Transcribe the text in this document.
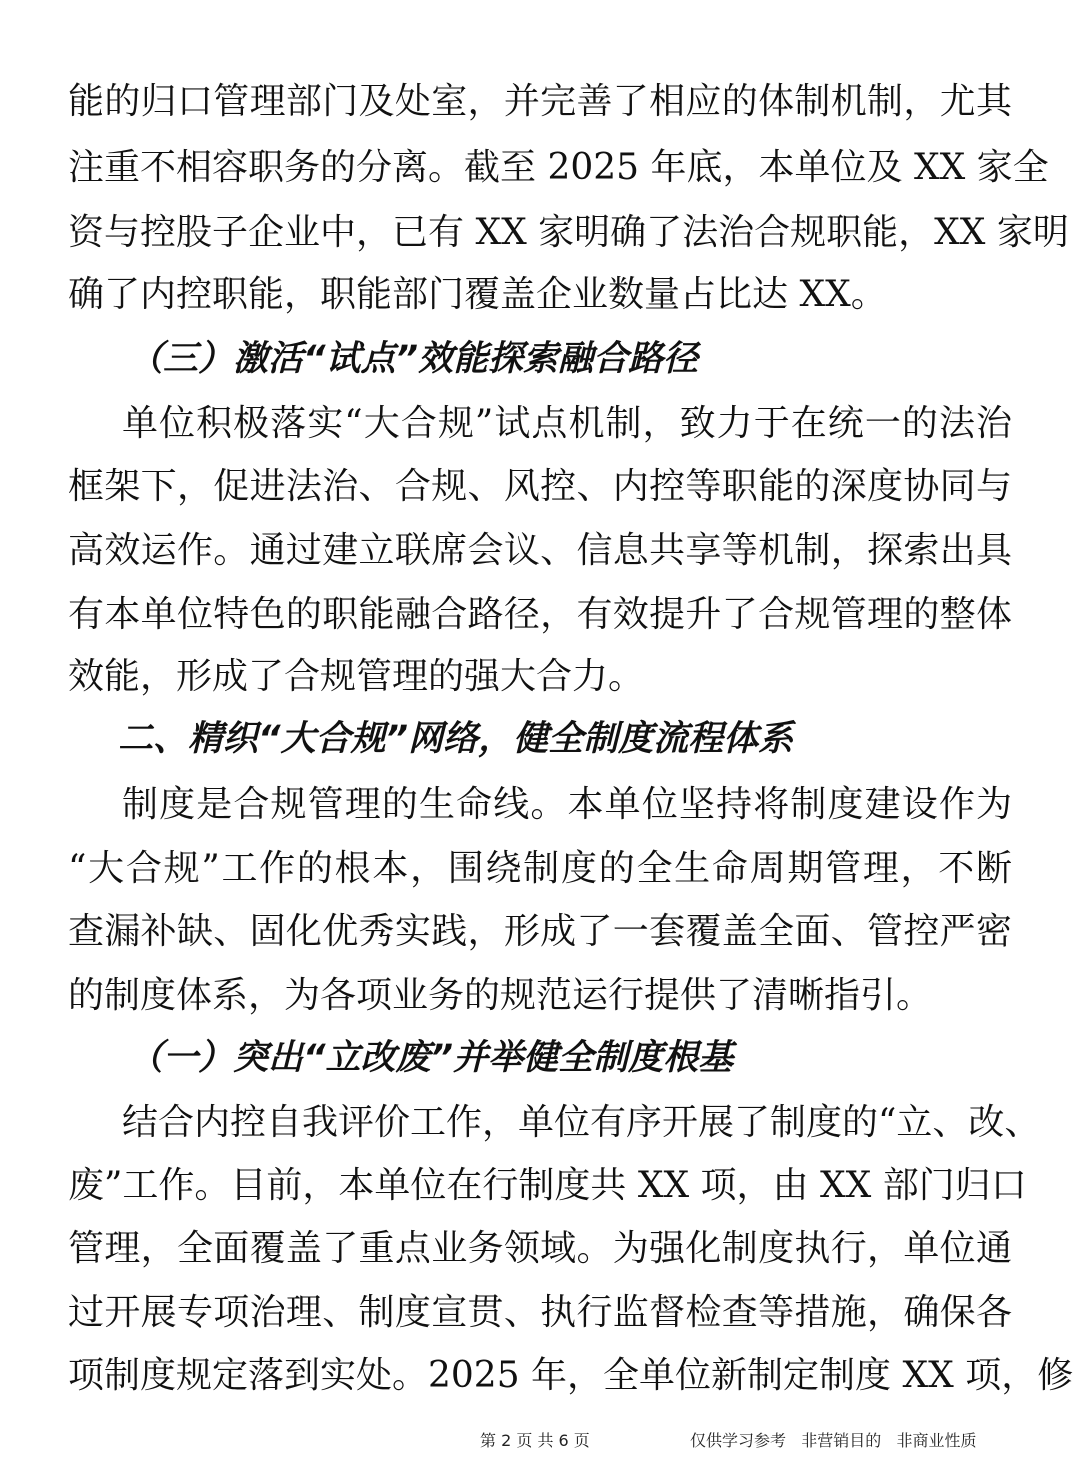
能的归口管理部门及处室，并完善了相应的体制机制，尤其
注重不相容职务的分离。截至 2025 年底，本单位及 XX 家全
资与控股子企业中，已有 XX 家明确了法治合规职能，XX 家明
确了内控职能，职能部门覆盖企业数量占比达 XX。
（三）激活“试点”效能探索融合路径
单位积极落实“大合规”试点机制，致力于在统一的法治
框架下，促进法治、合规、风控、内控等职能的深度协同与
高效运作。通过建立联席会议、信息共享等机制，探索出具
有本单位特色的职能融合路径，有效提升了合规管理的整体
效能，形成了合规管理的强大合力。
二、精织“大合规”网络，健全制度流程体系
制度是合规管理的生命线。本单位坚持将制度建设作为
“大合规”工作的根本，围绕制度的全生命周期管理，不断
查漏补缺、固化优秀实践，形成了一套覆盖全面、管控严密
的制度体系，为各项业务的规范运行提供了清晰指引。
（一）突出“立改废”并举健全制度根基
结合内控自我评价工作，单位有序开展了制度的“立、改、
废”工作。目前，本单位在行制度共 XX 项，由 XX 部门归口
管理，全面覆盖了重点业务领域。为强化制度执行，单位通
过开展专项治理、制度宣贯、执行监督检查等措施，确保各
项制度规定落到实处。2025 年，全单位新制定制度 XX 项，修
第 2 页 共 6 页	仅供学习参考   非营销目的   非商业性质
